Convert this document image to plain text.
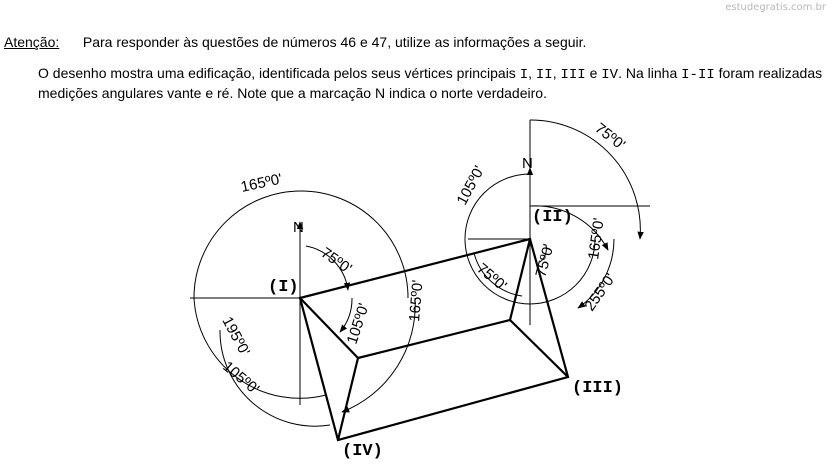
estudegratis.com.br
Atenção: Para responder às questões de números 46 e 47, utilize as informações a seguir.
O desenho mostra uma edificação, identificada pelos seus vértices principais I, II, III e IV. Na linha I-II foram realizadas medições angulares vante e ré. Note que a marcação N indica o norte verdadeiro.
N
N
(I)
(II)
(III)
(IV)
165º0'
75º0'
105º0'
165º0'
195º0'
105º0'
75º0'
105º0'
165º0'
255º0'
75º0'
75º0'
